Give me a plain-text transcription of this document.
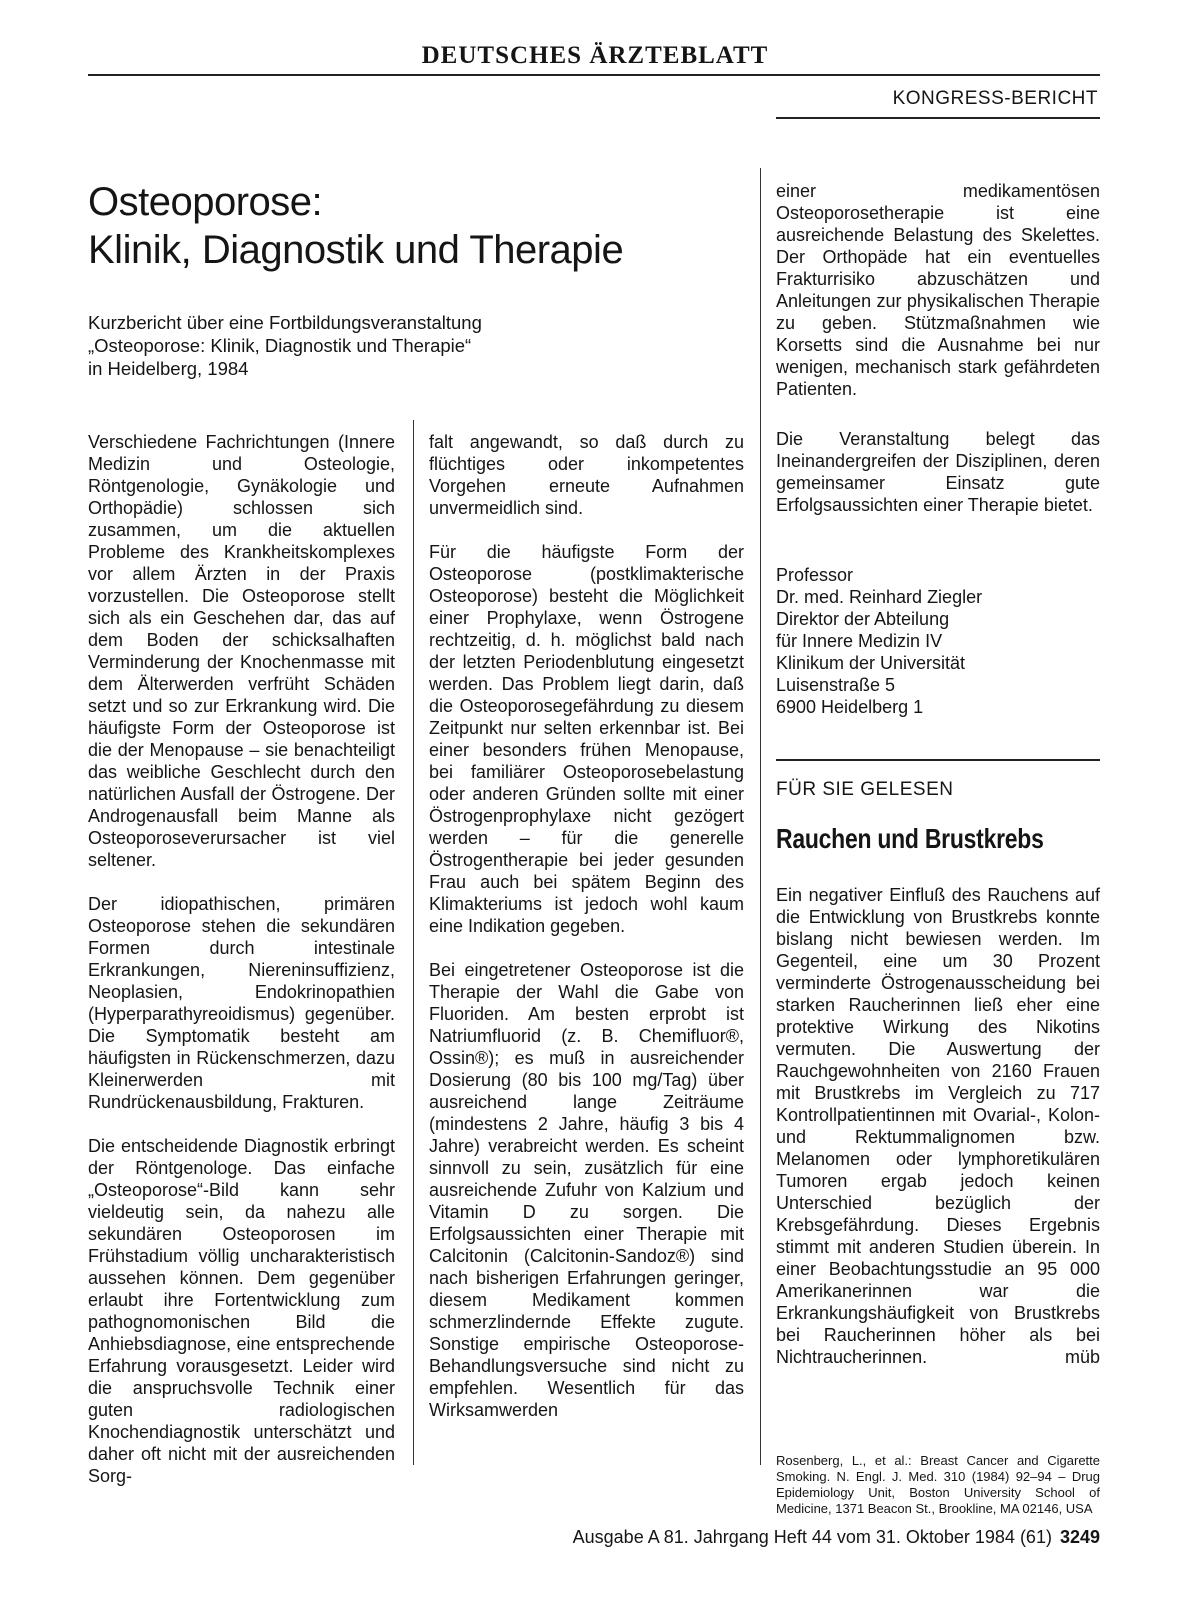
DEUTSCHES ÄRZTEBLATT
KONGRESS-BERICHT
Osteoporose:
Klinik, Diagnostik und Therapie
Kurzbericht über eine Fortbildungsveranstaltung
„Osteoporose: Klinik, Diagnostik und Therapie“
in Heidelberg, 1984

Verschiedene Fachrichtungen (Innere Medizin und Osteologie, Röntgenologie, Gynäkologie und Orthopädie) schlossen sich zusammen, um die aktuellen Probleme des Krankheitskomplexes vor allem Ärzten in der Praxis vorzustellen. Die Osteoporose stellt sich als ein Geschehen dar, das auf dem Boden der schicksalhaften Verminderung der Knochenmasse mit dem Älterwerden verfrüht Schäden setzt und so zur Erkrankung wird. Die häufigste Form der Osteoporose ist die der Menopause – sie benachteiligt das weibliche Geschlecht durch den natürlichen Ausfall der Östrogene. Der Androgenausfall beim Manne als Osteoporoseverursacher ist viel seltener.

Der idiopathischen, primären Osteoporose stehen die sekundären Formen durch intestinale Erkrankungen, Niereninsuffizienz, Neoplasien, Endokrinopathien (Hyperparathyreoidismus) gegenüber. Die Symptomatik besteht am häufigsten in Rückenschmerzen, dazu Kleinerwerden mit Rundrückenausbildung, Frakturen.

Die entscheidende Diagnostik erbringt der Röntgenologe. Das einfache „Osteoporose“-Bild kann sehr vieldeutig sein, da nahezu alle sekundären Osteoporosen im Frühstadium völlig uncharakteristisch aussehen können. Dem gegenüber erlaubt ihre Fortentwicklung zum pathognomonischen Bild die Anhiebsdiagnose, eine entsprechende Erfahrung vorausgesetzt. Leider wird die anspruchsvolle Technik einer guten radiologischen Knochendiagnostik unterschätzt und daher oft nicht mit der ausreichenden Sorg-

falt angewandt, so daß durch zu flüchtiges oder inkompetentes Vorgehen erneute Aufnahmen unvermeidlich sind.

Für die häufigste Form der Osteoporose (postklimakterische Osteoporose) besteht die Möglichkeit einer Prophylaxe, wenn Östrogene rechtzeitig, d. h. möglichst bald nach der letzten Periodenblutung eingesetzt werden. Das Problem liegt darin, daß die Osteoporosegefährdung zu diesem Zeitpunkt nur selten erkennbar ist. Bei einer besonders frühen Menopause, bei familiärer Osteoporosebelastung oder anderen Gründen sollte mit einer Östrogenprophylaxe nicht gezögert werden – für die generelle Östrogentherapie bei jeder gesunden Frau auch bei spätem Beginn des Klimakteriums ist jedoch wohl kaum eine Indikation gegeben.

Bei eingetretener Osteoporose ist die Therapie der Wahl die Gabe von Fluoriden. Am besten erprobt ist Natriumfluorid (z. B. Chemifluor®, Ossin®); es muß in ausreichender Dosierung (80 bis 100 mg/Tag) über ausreichend lange Zeiträume (mindestens 2 Jahre, häufig 3 bis 4 Jahre) verabreicht werden. Es scheint sinnvoll zu sein, zusätzlich für eine ausreichende Zufuhr von Kalzium und Vitamin D zu sorgen. Die Erfolgsaussichten einer Therapie mit Calcitonin (Calcitonin-Sandoz®) sind nach bisherigen Erfahrungen geringer, diesem Medikament kommen schmerzlindernde Effekte zugute. Sonstige empirische Osteoporose-Behandlungsversuche sind nicht zu empfehlen. Wesentlich für das Wirksamwerden

einer medikamentösen Osteoporosetherapie ist eine ausreichende Belastung des Skelettes. Der Orthopäde hat ein eventuelles Frakturrisiko abzuschätzen und Anleitungen zur physikalischen Therapie zu geben. Stützmaßnahmen wie Korsetts sind die Ausnahme bei nur wenigen, mechanisch stark gefährdeten Patienten.

Die Veranstaltung belegt das Ineinandergreifen der Disziplinen, deren gemeinsamer Einsatz gute Erfolgsaussichten einer Therapie bietet.

Professor
Dr. med. Reinhard Ziegler
Direktor der Abteilung
für Innere Medizin IV
Klinikum der Universität
Luisenstraße 5
6900 Heidelberg 1
FÜR SIE GELESEN
Rauchen und Brustkrebs

Ein negativer Einfluß des Rauchens auf die Entwicklung von Brustkrebs konnte bislang nicht bewiesen werden. Im Gegenteil, eine um 30 Prozent verminderte Östrogenausscheidung bei starken Raucherinnen ließ eher eine protektive Wirkung des Nikotins vermuten. Die Auswertung der Rauchgewohnheiten von 2160 Frauen mit Brustkrebs im Vergleich zu 717 Kontrollpatientinnen mit Ovarial-, Kolon- und Rektummalignomen bzw. Melanomen oder lymphoretikulären Tumoren ergab jedoch keinen Unterschied bezüglich der Krebsgefährdung. Dieses Ergebnis stimmt mit anderen Studien überein. In einer Beobachtungsstudie an 95 000 Amerikanerinnen war die Erkrankungshäufigkeit von Brustkrebs bei Raucherinnen höher als bei Nichtraucherinnen.	müb

Rosenberg, L., et al.: Breast Cancer and Cigarette Smoking. N. Engl. J. Med. 310 (1984) 92–94 – Drug Epidemiology Unit, Boston University School of Medicine, 1371 Beacon St., Brookline, MA 02146, USA
Ausgabe A 81. Jahrgang Heft 44 vom 31. Oktober 1984 (61) 3249
